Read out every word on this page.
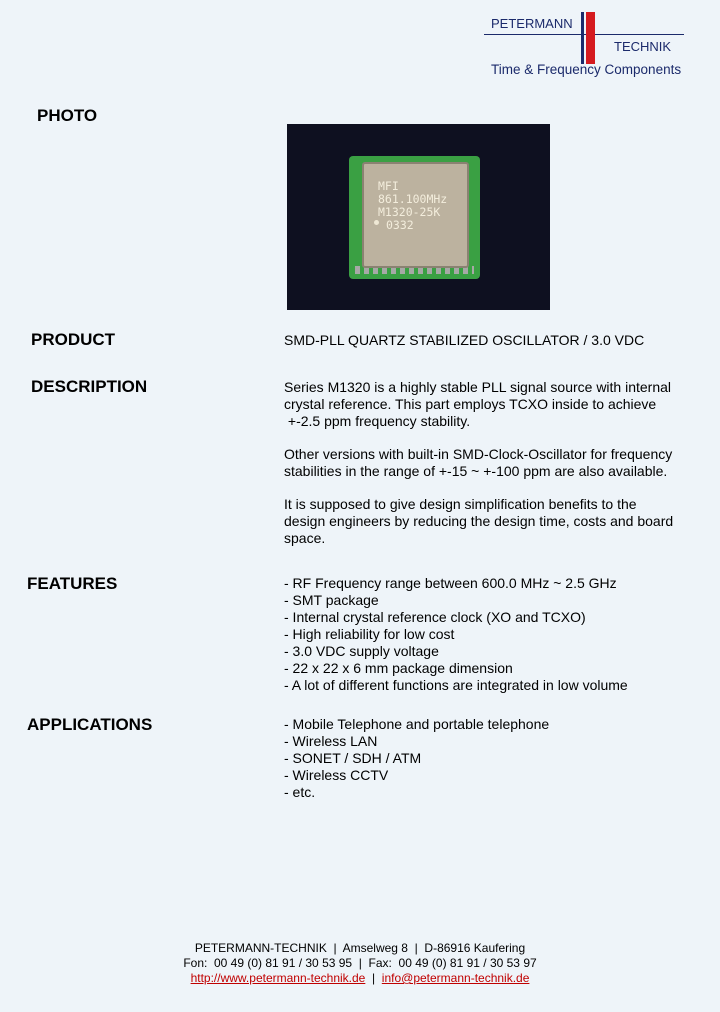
PETERMANN
TECHNIK
Time & Frequency Components
PHOTO
MFI
861.100MHz
M1320-25K
0332
PRODUCT	SMD-PLL QUARTZ STABILIZED OSCILLATOR / 3.0 VDC
DESCRIPTION	Series M1320 is a highly stable PLL signal source with internal
crystal reference. This part employs TCXO inside to achieve
+-2.5 ppm frequency stability.
Other versions with built-in SMD-Clock-Oscillator for frequency
stabilities in the range of +-15 ~ +-100 ppm are also available.
It is supposed to give design simplification benefits to the
design engineers by reducing the design time, costs and board
space.
FEATURES	- RF Frequency range between 600.0 MHz ~ 2.5 GHz
- SMT package
- Internal crystal reference clock (XO and TCXO)
- High reliability for low cost
- 3.0 VDC supply voltage
- 22 x 22 x 6 mm package dimension
- A lot of different functions are integrated in low volume
APPLICATIONS	- Mobile Telephone and portable telephone
- Wireless LAN
- SONET / SDH / ATM
- Wireless CCTV
- etc.
PETERMANN-TECHNIK  |  Amselweg 8  |  D-86916 Kaufering
Fon:  00 49 (0) 81 91 / 30 53 95  |  Fax:  00 49 (0) 81 91 / 30 53 97
http://www.petermann-technik.de  |  info@petermann-technik.de
